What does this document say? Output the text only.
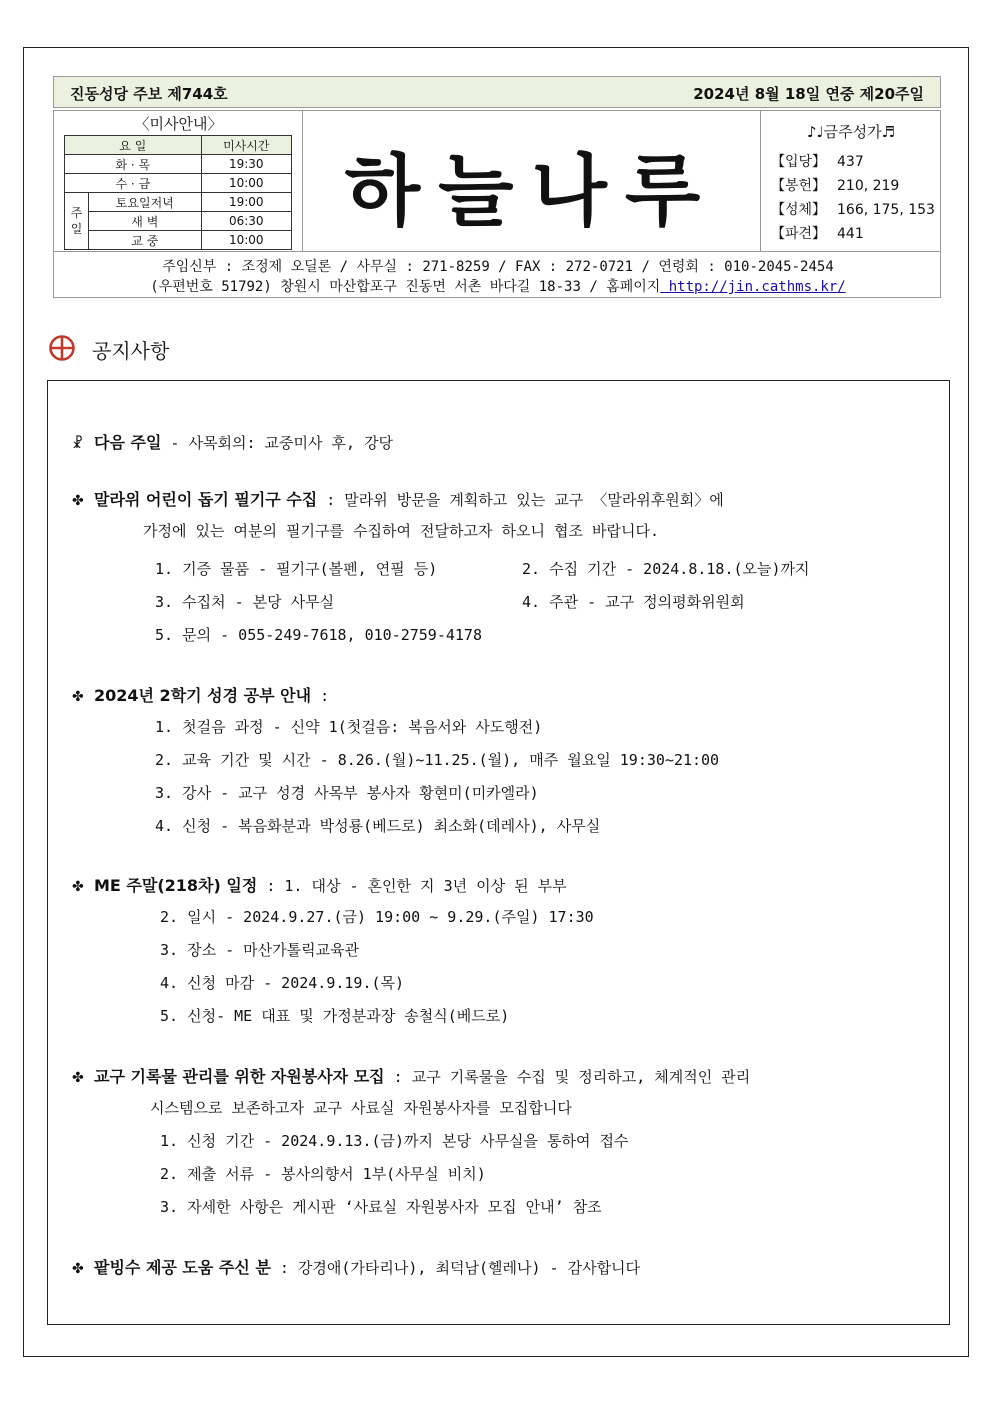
진동성당 주보 제744호	2024년 8월 18일 연중 제20주일
〈미사안내〉
요 일		미사시간
화 · 목		19:30
수 · 금		10:00
주일	토요일저녁	19:00
	새 벽	06:30
	교 중	10:00
하늘나루
♪♩금주성가♬
【입당】 437
【봉헌】 210, 219
【성체】 166, 175, 153
【파견】 441
주임신부 : 조정제 오딜론 / 사무실 : 271-8259 / FAX : 272-0721 / 연령회 : 010-2045-2454
(우편번호 51792) 창원시 마산합포구 진동면 서촌 바다길 18-33 / 홈페이지 http://jin.cathms.kr/
공지사항
☧ 다음 주일 - 사목회의: 교중미사 후, 강당
✤ 말라위 어린이 돕기 필기구 수집 : 말라위 방문을 계획하고 있는 교구 〈말라위후원회〉에
가정에 있는 여분의 필기구를 수집하여 전달하고자 하오니 협조 바랍니다.
1. 기증 물품 - 필기구(볼펜, 연필 등)	2. 수집 기간 - 2024.8.18.(오늘)까지
3. 수집처 - 본당 사무실	4. 주관 - 교구 정의평화위원회
5. 문의 - 055-249-7618, 010-2759-4178
✤ 2024년 2학기 성경 공부 안내 :
1. 첫걸음 과정 - 신약 1(첫걸음: 복음서와 사도행전)
2. 교육 기간 및 시간 - 8.26.(월)~11.25.(월), 매주 월요일 19:30~21:00
3. 강사 - 교구 성경 사목부 봉사자 황현미(미카엘라)
4. 신청 - 복음화분과 박성룡(베드로) 최소화(데레사), 사무실
✤ ME 주말(218차) 일정 : 1. 대상 - 혼인한 지 3년 이상 된 부부
2. 일시 - 2024.9.27.(금) 19:00 ~ 9.29.(주일) 17:30
3. 장소 - 마산가톨릭교육관
4. 신청 마감 - 2024.9.19.(목)
5. 신청- ME 대표 및 가정분과장 송철식(베드로)
✤ 교구 기록물 관리를 위한 자원봉사자 모집 : 교구 기록물을 수집 및 정리하고, 체계적인 관리
시스템으로 보존하고자 교구 사료실 자원봉사자를 모집합니다
1. 신청 기간 - 2024.9.13.(금)까지 본당 사무실을 통하여 접수
2. 제출 서류 - 봉사의향서 1부(사무실 비치)
3. 자세한 사항은 게시판 ‘사료실 자원봉사자 모집 안내’ 참조
✤ 팥빙수 제공 도움 주신 분 : 강경애(가타리나), 최덕남(헬레나) - 감사합니다
